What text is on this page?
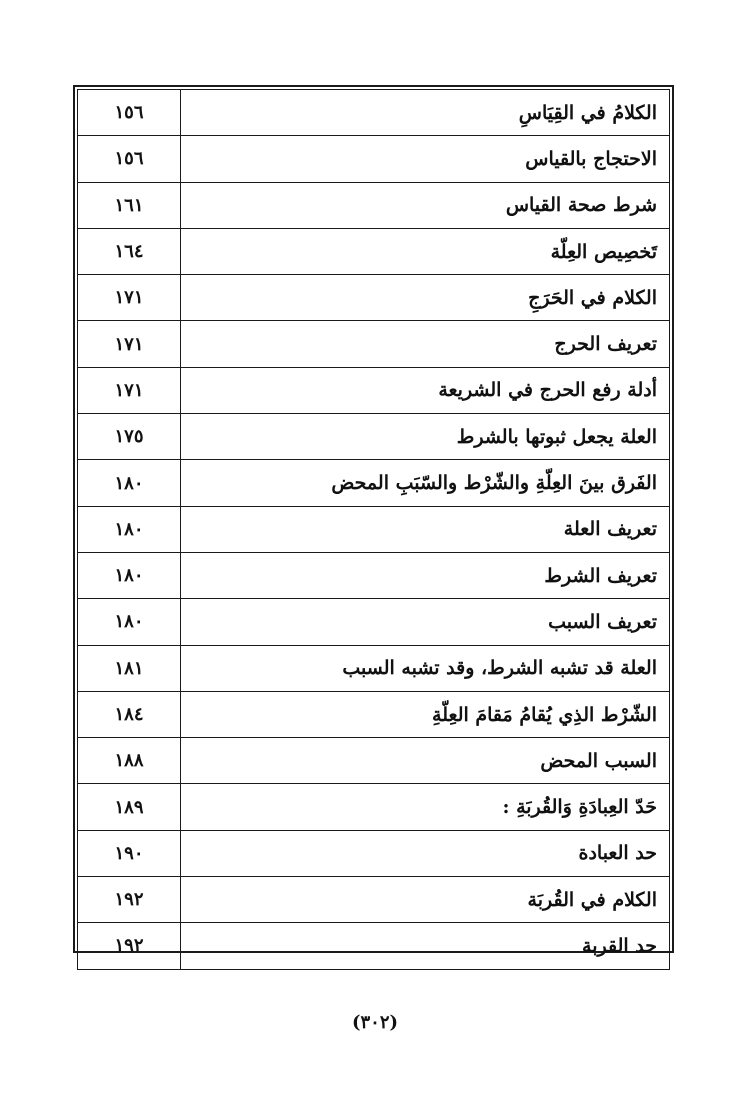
الكلامُ في القِيَاسِ	١٥٦
الاحتجاج بالقياس	١٥٦
شرط صحة القياس	١٦١
تَخصِيص العِلّة	١٦٤
الكلام في الحَرَجِ	١٧١
تعريف الحرج	١٧١
أدلة رفع الحرج في الشريعة	١٧١
العلة يجعل ثبوتها بالشرط	١٧٥
الفَرق بينَ العِلّةِ والشّرْط والسّبَبِ المحض	١٨٠
تعريف العلة	١٨٠
تعريف الشرط	١٨٠
تعريف السبب	١٨٠
العلة قد تشبه الشرط، وقد تشبه السبب	١٨١
الشّرْط الذِي يُقامُ مَقامَ العِلّةِ	١٨٤
السبب المحض	١٨٨
حَدّ العِبادَةِ وَالقُربَةِ :	١٨٩
حد العبادة	١٩٠
الكلام في القُربَة	١٩٢
حد القربة	١٩٢
(٣٠٢)
